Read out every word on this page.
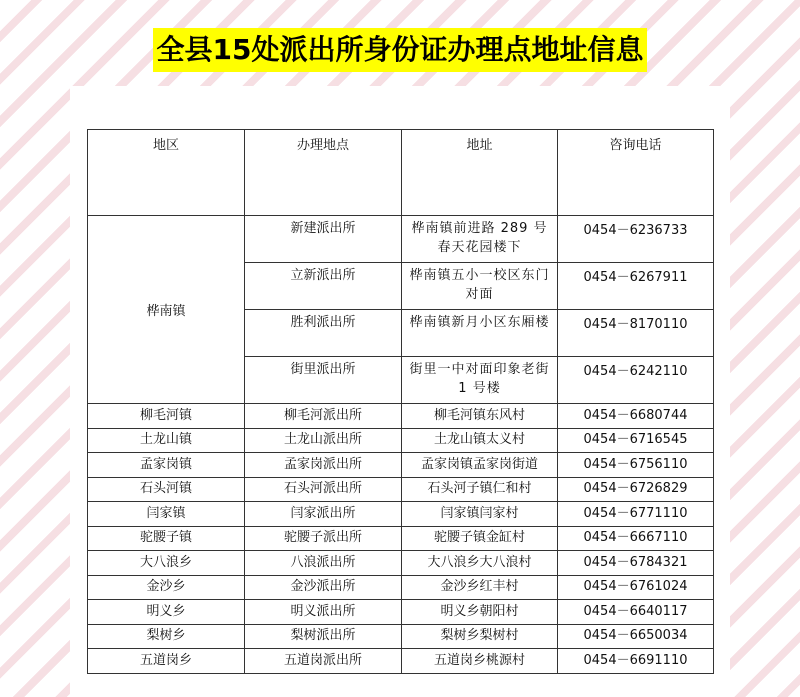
全县15处派出所身份证办理点地址信息
地区	办理地点	地址	咨询电话
桦南镇	新建派出所	桦南镇前进路 289 号春天花园楼下	0454－6236733
	立新派出所	桦南镇五小一校区东门对面	0454－6267911
	胜利派出所	桦南镇新月小区东厢楼	0454－8170110
	街里派出所	街里一中对面印象老街 1 号楼	0454－6242110
柳毛河镇	柳毛河派出所	柳毛河镇东风村	0454－6680744
土龙山镇	土龙山派出所	土龙山镇太义村	0454－6716545
孟家岗镇	孟家岗派出所	孟家岗镇孟家岗街道	0454－6756110
石头河镇	石头河派出所	石头河子镇仁和村	0454－6726829
闫家镇	闫家派出所	闫家镇闫家村	0454－6771110
驼腰子镇	驼腰子派出所	驼腰子镇金缸村	0454－6667110
大八浪乡	八浪派出所	大八浪乡大八浪村	0454－6784321
金沙乡	金沙派出所	金沙乡红丰村	0454－6761024
明义乡	明义派出所	明义乡朝阳村	0454－6640117
梨树乡	梨树派出所	梨树乡梨树村	0454－6650034
五道岗乡	五道岗派出所	五道岗乡桃源村	0454－6691110
